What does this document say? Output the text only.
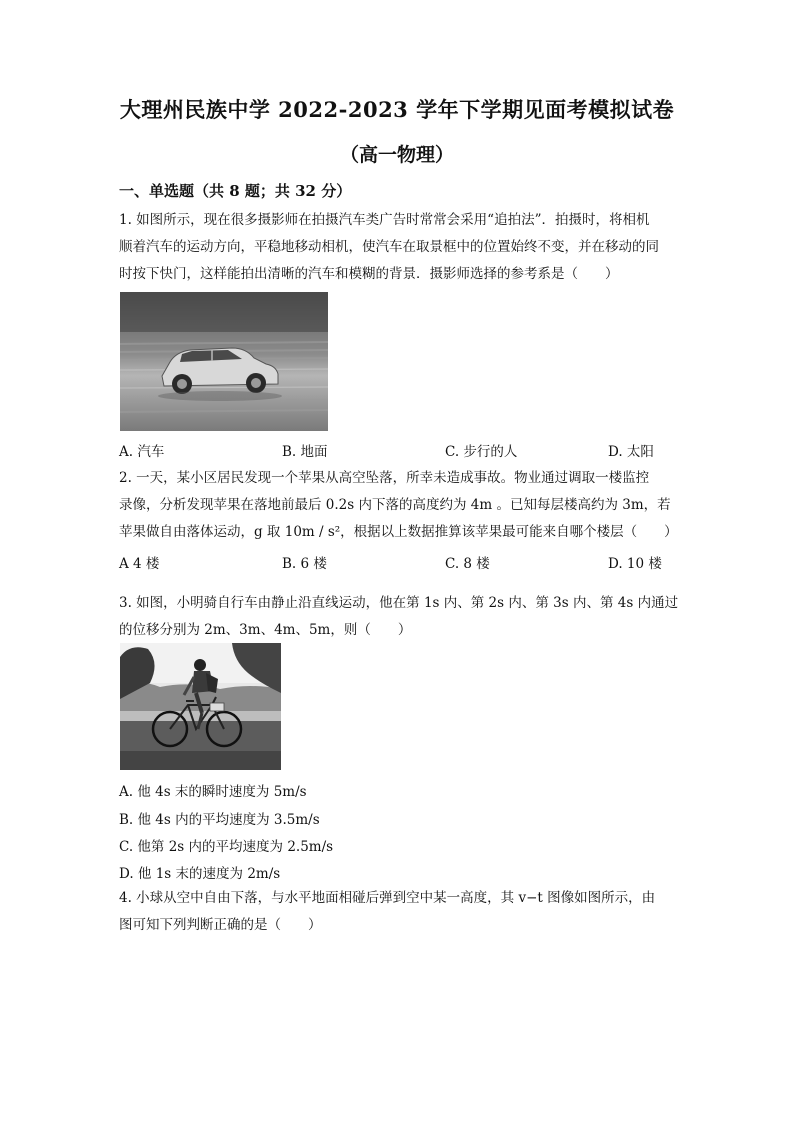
大理州民族中学 2022-2023 学年下学期见面考模拟试卷
（高一物理）
一、单选题（共 8 题；共 32 分）

1. 如图所示，现在很多摄影师在拍摄汽车类广告时常常会采用“追拍法”．拍摄时，将相机

顺着汽车的运动方向，平稳地移动相机，使汽车在取景框中的位置始终不变，并在移动的同

时按下快门，这样能拍出清晰的汽车和模糊的背景．摄影师选择的参考系是（　　）

A. 汽车	B. 地面	C. 步行的人	D. 太阳

2. 一天，某小区居民发现一个苹果从高空坠落，所幸未造成事故。物业通过调取一楼监控

录像，分析发现苹果在落地前最后 0.2s 内下落的高度约为 4m 。已知每层楼高约为 3m，若

苹果做自由落体运动，g 取 10m / s²，根据以上数据推算该苹果最可能来自哪个楼层（　　）

A 4 楼	B. 6 楼	C. 8 楼	D. 10 楼

3. 如图，小明骑自行车由静止沿直线运动，他在第 1s 内、第 2s 内、第 3s 内、第 4s 内通过

的位移分别为 2m、3m、4m、5m，则（　　）

A. 他 4s 末的瞬时速度为 5m/s
B. 他 4s 内的平均速度为 3.5m/s
C. 他第 2s 内的平均速度为 2.5m/s
D. 他 1s 末的速度为 2m/s

4. 小球从空中自由下落，与水平地面相碰后弹到空中某一高度，其 v−t 图像如图所示，由

图可知下列判断正确的是（　　）
